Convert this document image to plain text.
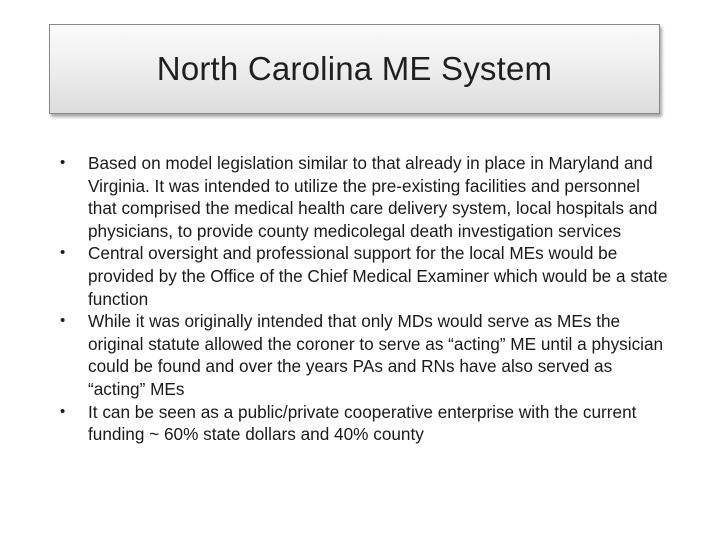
North Carolina ME System
• Based on model legislation similar to that already in place in Maryland and Virginia. It was intended to utilize the pre-existing facilities and personnel that comprised the medical health care delivery system, local hospitals and physicians, to provide county medicolegal death investigation services
• Central oversight and professional support for the local MEs would be provided by the Office of the Chief Medical Examiner which would be a state function
• While it was originally intended that only MDs would serve as MEs the original statute allowed the coroner to serve as “acting” ME until a physician could be found and over the years PAs and RNs have also served as “acting” MEs
• It can be seen as a public/private cooperative enterprise with the current funding ~ 60% state dollars and 40% county
